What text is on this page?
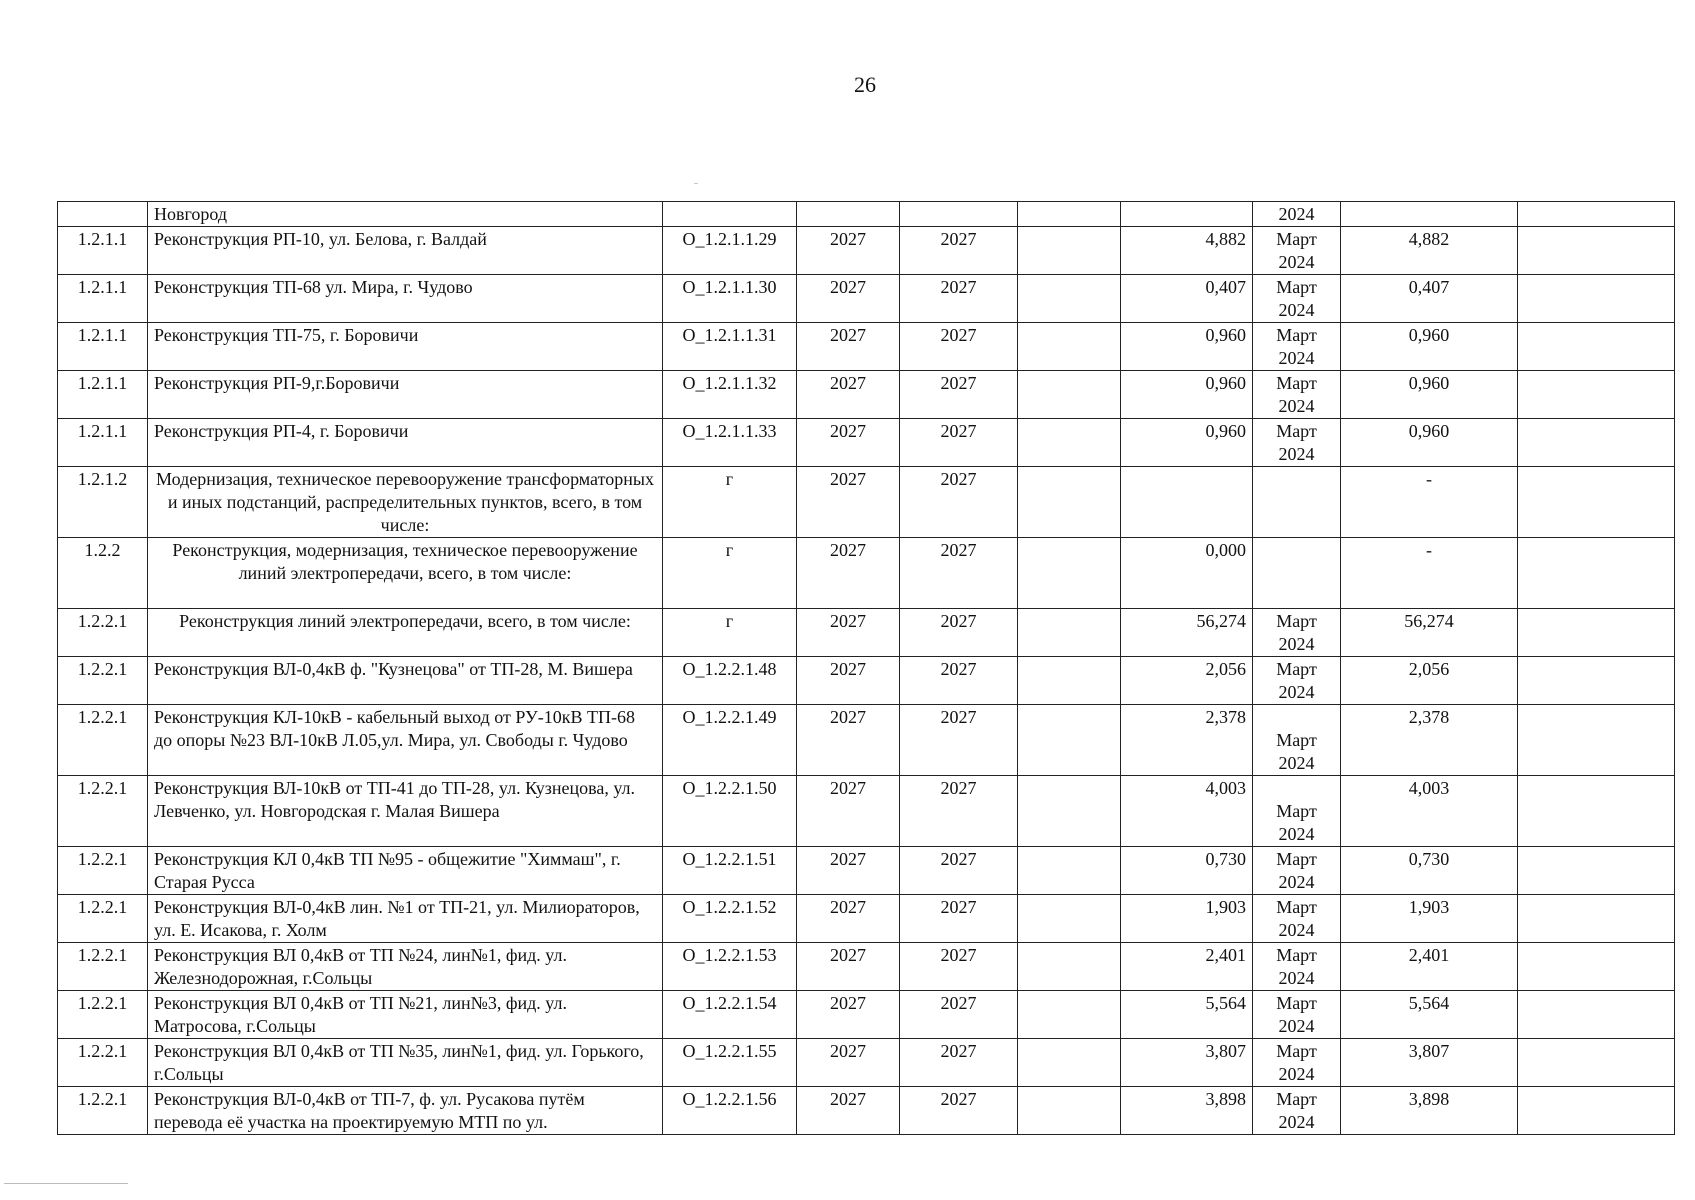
26
	Новгород						2024		
1.2.1.1	Реконструкция РП-10, ул. Белова, г. Валдай	О_1.2.1.1.29	2027	2027		4,882	Март 2024	4,882	
1.2.1.1	Реконструкция ТП-68 ул. Мира, г. Чудово	О_1.2.1.1.30	2027	2027		0,407	Март 2024	0,407	
1.2.1.1	Реконструкция ТП-75, г. Боровичи	О_1.2.1.1.31	2027	2027		0,960	Март 2024	0,960	
1.2.1.1	Реконструкция РП-9,г.Боровичи	О_1.2.1.1.32	2027	2027		0,960	Март 2024	0,960	
1.2.1.1	Реконструкция РП-4, г. Боровичи	О_1.2.1.1.33	2027	2027		0,960	Март 2024	0,960	
1.2.1.2	Модернизация, техническое перевооружение трансформаторных и иных подстанций, распределительных пунктов, всего, в том числе:	г	2027	2027				-	
1.2.2	Реконструкция, модернизация, техническое перевооружение линий электропередачи, всего, в том числе:	г	2027	2027		0,000		-	
1.2.2.1	Реконструкция линий электропередачи, всего, в том числе:	г	2027	2027		56,274	Март 2024	56,274	
1.2.2.1	Реконструкция ВЛ-0,4кВ ф. "Кузнецова" от ТП-28, М. Вишера	О_1.2.2.1.48	2027	2027		2,056	Март 2024	2,056	
1.2.2.1	Реконструкция КЛ-10кВ - кабельный выход от РУ-10кВ ТП-68 до опоры №23 ВЛ-10кВ Л.05,ул. Мира, ул. Свободы г. Чудово	О_1.2.2.1.49	2027	2027		2,378	Март 2024	2,378	
1.2.2.1	Реконструкция ВЛ-10кВ от ТП-41 до ТП-28, ул. Кузнецова, ул. Левченко, ул. Новгородская г. Малая Вишера	О_1.2.2.1.50	2027	2027		4,003	Март 2024	4,003	
1.2.2.1	Реконструкция КЛ 0,4кВ ТП №95 - общежитие "Химмаш", г. Старая Русса	О_1.2.2.1.51	2027	2027		0,730	Март 2024	0,730	
1.2.2.1	Реконструкция ВЛ-0,4кВ лин. №1 от ТП-21, ул. Милиораторов, ул. Е. Исакова, г. Холм	О_1.2.2.1.52	2027	2027		1,903	Март 2024	1,903	
1.2.2.1	Реконструкция ВЛ 0,4кВ от ТП №24, лин№1, фид. ул. Железнодорожная, г.Сольцы	О_1.2.2.1.53	2027	2027		2,401	Март 2024	2,401	
1.2.2.1	Реконструкция ВЛ 0,4кВ от ТП №21, лин№3, фид. ул. Матросова, г.Сольцы	О_1.2.2.1.54	2027	2027		5,564	Март 2024	5,564	
1.2.2.1	Реконструкция ВЛ 0,4кВ от ТП №35, лин№1, фид. ул. Горького, г.Сольцы	О_1.2.2.1.55	2027	2027		3,807	Март 2024	3,807	
1.2.2.1	Реконструкция ВЛ-0,4кВ от ТП-7, ф. ул. Русакова путём перевода её участка на проектируемую МТП по ул.	О_1.2.2.1.56	2027	2027		3,898	Март 2024	3,898	
